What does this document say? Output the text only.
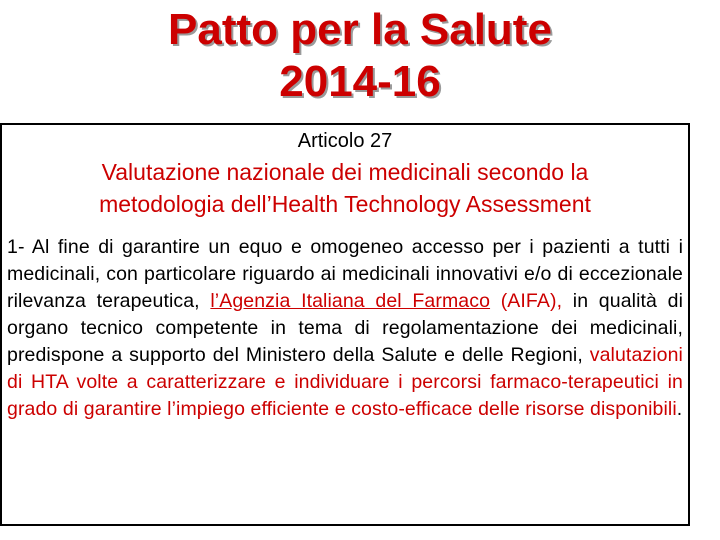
Patto per la Salute
2014-16
Articolo 27
Valutazione nazionale dei medicinali secondo la
metodologia dell’Health Technology Assessment
1- Al fine di garantire un equo e omogeneo accesso per i pazienti a tutti i medicinali, con particolare riguardo ai medicinali innovativi e/o di eccezionale rilevanza terapeutica, l’Agenzia Italiana del Farmaco (AIFA), in qualità di organo tecnico competente in tema di regolamentazione dei medicinali, predispone a supporto del Ministero della Salute e delle Regioni, valutazioni di HTA volte a caratterizzare e individuare i percorsi farmaco-terapeutici in grado di garantire l’impiego efficiente e costo-efficace delle risorse disponibili.
